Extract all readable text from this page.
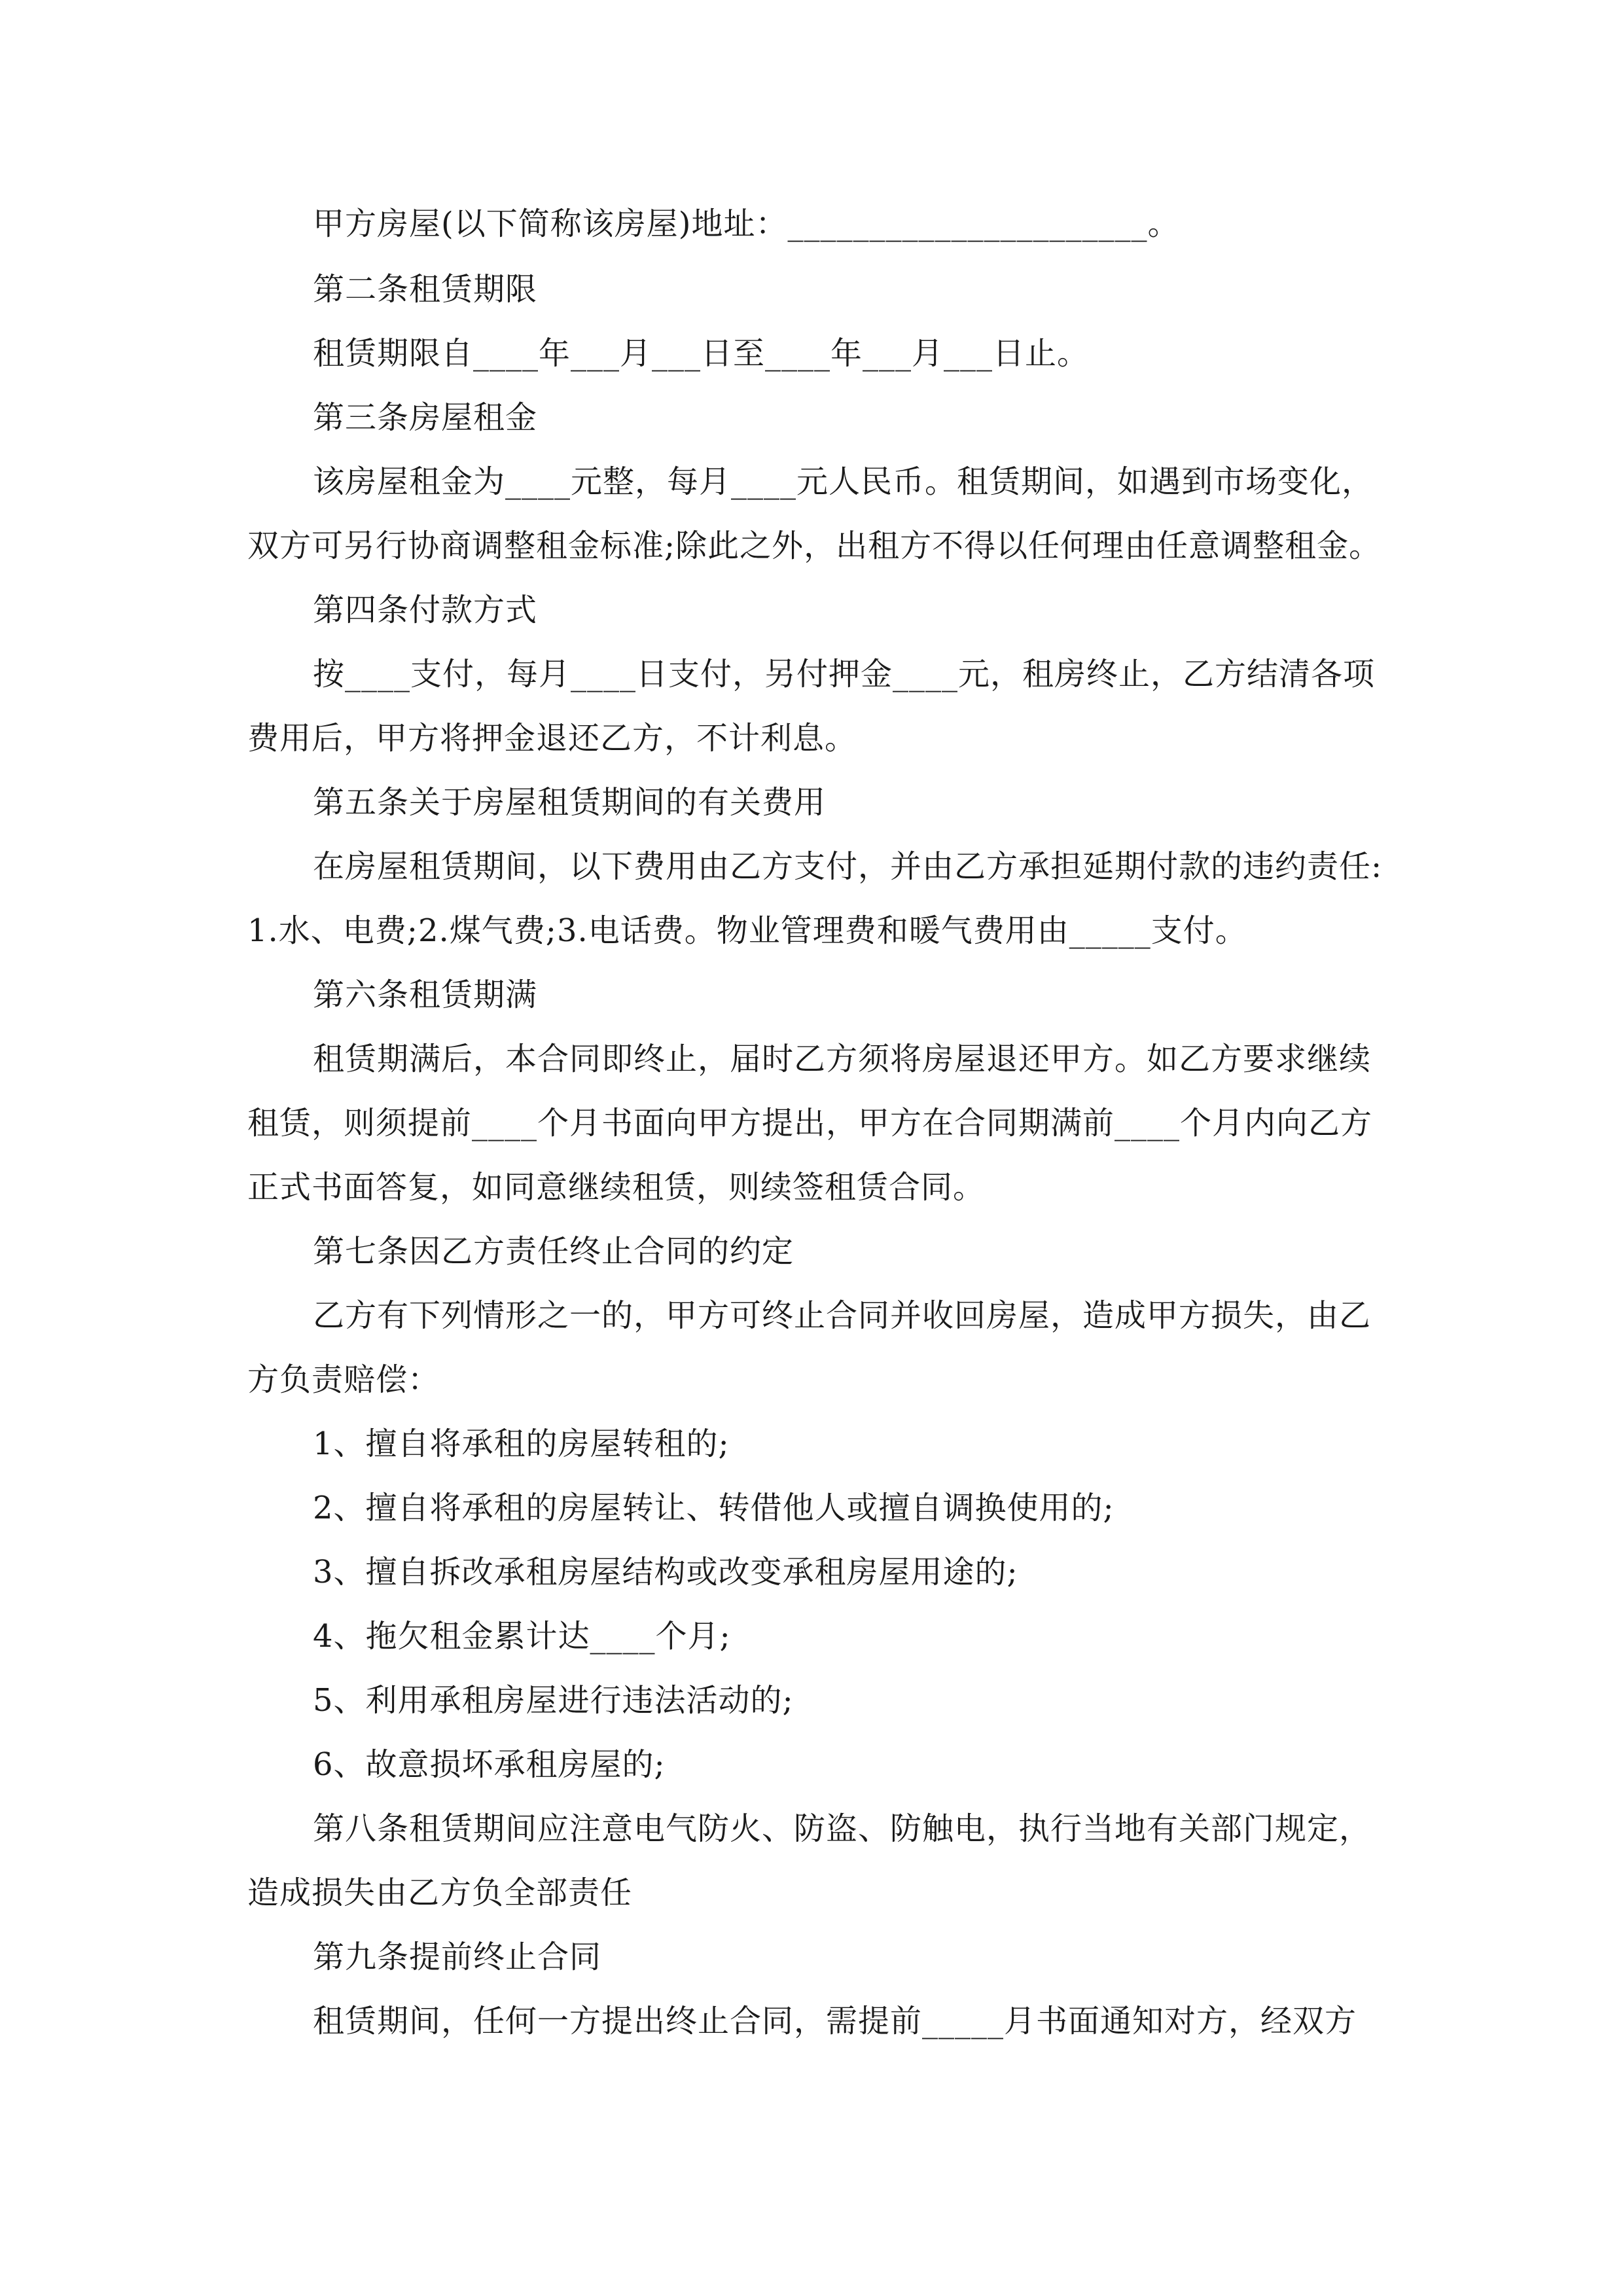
甲方房屋(以下简称该房屋)地址：______________________。
第二条租赁期限
租赁期限自____年___月___日至____年___月___日止。
第三条房屋租金
该房屋租金为____元整，每月____元人民币。租赁期间，如遇到市场变化，
双方可另行协商调整租金标准;除此之外，出租方不得以任何理由任意调整租金。
第四条付款方式
按____支付，每月____日支付，另付押金____元，租房终止，乙方结清各项
费用后，甲方将押金退还乙方，不计利息。
第五条关于房屋租赁期间的有关费用
在房屋租赁期间，以下费用由乙方支付，并由乙方承担延期付款的违约责任:
1.水、电费;2.煤气费;3.电话费。物业管理费和暖气费用由_____支付。
第六条租赁期满
租赁期满后，本合同即终止，届时乙方须将房屋退还甲方。如乙方要求继续
租赁，则须提前____个月书面向甲方提出，甲方在合同期满前____个月内向乙方
正式书面答复，如同意继续租赁，则续签租赁合同。
第七条因乙方责任终止合同的约定
乙方有下列情形之一的，甲方可终止合同并收回房屋，造成甲方损失，由乙
方负责赔偿：
1、擅自将承租的房屋转租的;
2、擅自将承租的房屋转让、转借他人或擅自调换使用的;
3、擅自拆改承租房屋结构或改变承租房屋用途的;
4、拖欠租金累计达____个月;
5、利用承租房屋进行违法活动的;
6、故意损坏承租房屋的;
第八条租赁期间应注意电气防火、防盗、防触电，执行当地有关部门规定，
造成损失由乙方负全部责任
第九条提前终止合同
租赁期间，任何一方提出终止合同，需提前_____月书面通知对方，经双方
